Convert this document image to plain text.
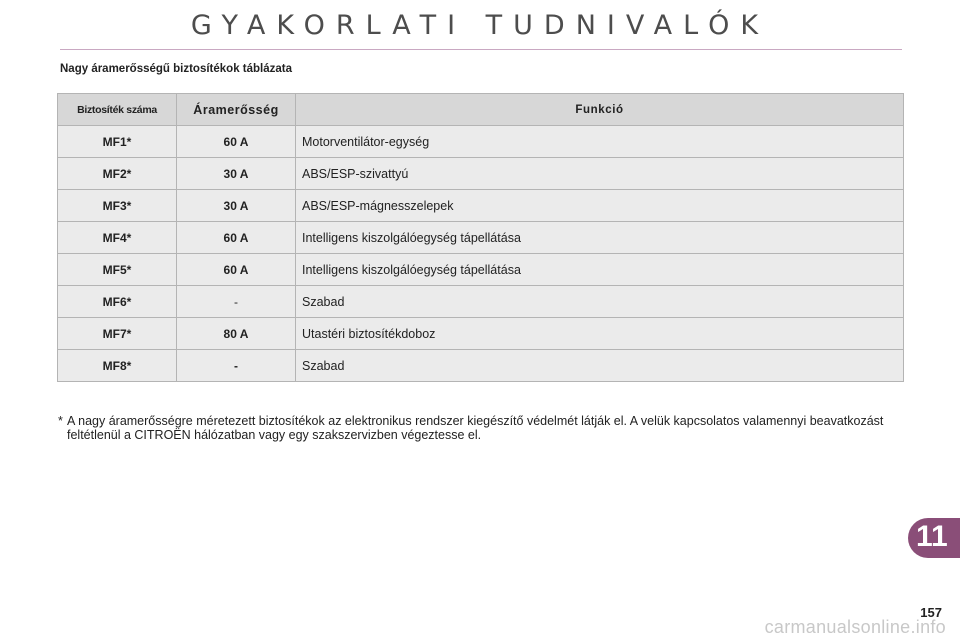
GYAKORLATI TUDNIVALÓK
Nagy áramerősségű biztosítékok táblázata
Biztosíték száma	Áramerősség	Funkció
MF1*	60 A	Motorventilátor-egység
MF2*	30 A	ABS/ESP-szivattyú
MF3*	30 A	ABS/ESP-mágnesszelepek
MF4*	60 A	Intelligens kiszolgálóegység tápellátása
MF5*	60 A	Intelligens kiszolgálóegység tápellátása
MF6*	-	Szabad
MF7*	80 A	Utastéri biztosítékdoboz
MF8*	-	Szabad
* A nagy áramerősségre méretezett biztosítékok az elektronikus rendszer kiegészítő védelmét látják el. A velük kapcsolatos valamennyi beavatkozást feltétlenül a CITROËN hálózatban vagy egy szakszervizben végeztesse el.
11
157
carmanualsonline.info
